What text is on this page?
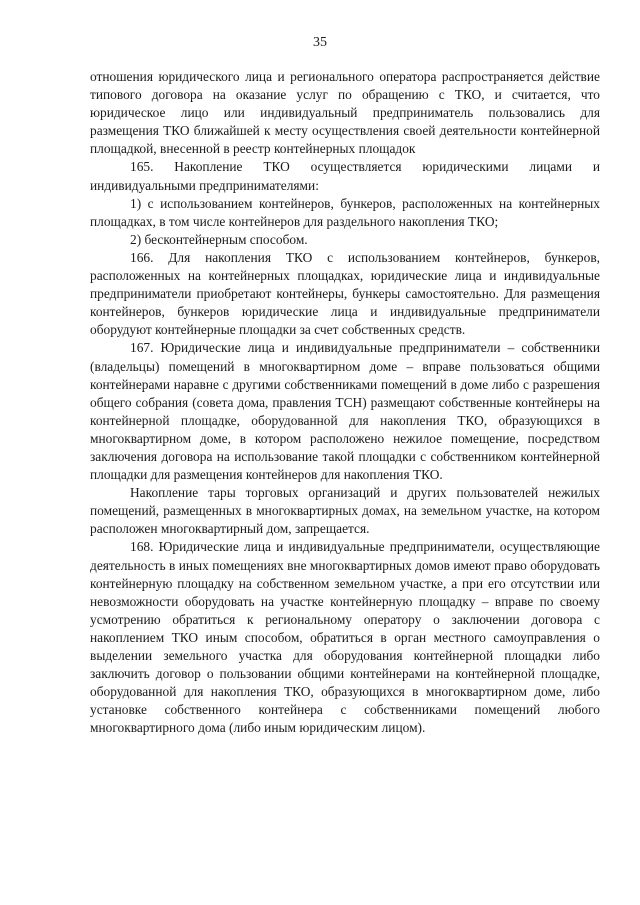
35

отношения юридического лица и регионального оператора распространяется действие типового договора на оказание услуг по обращению с ТКО, и считается, что юридическое лицо или индивидуальный предприниматель пользовались для размещения ТКО ближайшей к месту осуществления своей деятельности контейнерной площадкой, внесенной в реестр контейнерных площадок

165. Накопление ТКО осуществляется юридическими лицами и индивидуальными предпринимателями:

1) с использованием контейнеров, бункеров, расположенных на контейнерных площадках, в том числе контейнеров для раздельного накопления ТКО;

2) бесконтейнерным способом.

166. Для накопления ТКО с использованием контейнеров, бункеров, расположенных на контейнерных площадках, юридические лица и индивидуальные предприниматели приобретают контейнеры, бункеры самостоятельно. Для размещения контейнеров, бункеров юридические лица и индивидуальные предприниматели оборудуют контейнерные площадки за счет собственных средств.

167. Юридические лица и индивидуальные предприниматели – собственники (владельцы) помещений в многоквартирном доме – вправе пользоваться общими контейнерами наравне с другими собственниками помещений в доме либо с разрешения общего собрания (совета дома, правления ТСН) размещают собственные контейнеры на контейнерной площадке, оборудованной для накопления ТКО, образующихся в многоквартирном доме, в котором расположено нежилое помещение, посредством заключения договора на использование такой площадки с собственником контейнерной площадки для размещения контейнеров для накопления ТКО.

Накопление тары торговых организаций и других пользователей нежилых помещений, размещенных в многоквартирных домах, на земельном участке, на котором расположен многоквартирный дом, запрещается.

168. Юридические лица и индивидуальные предприниматели, осуществляющие деятельность в иных помещениях вне многоквартирных домов имеют право оборудовать контейнерную площадку на собственном земельном участке, а при его отсутствии или невозможности оборудовать на участке контейнерную площадку – вправе по своему усмотрению обратиться к региональному оператору о заключении договора с накоплением ТКО иным способом, обратиться в орган местного самоуправления о выделении земельного участка для оборудования контейнерной площадки либо заключить договор о пользовании общими контейнерами на контейнерной площадке, оборудованной для накопления ТКО, образующихся в многоквартирном доме, либо установке собственного контейнера с собственниками помещений любого многоквартирного дома (либо иным юридическим лицом).
